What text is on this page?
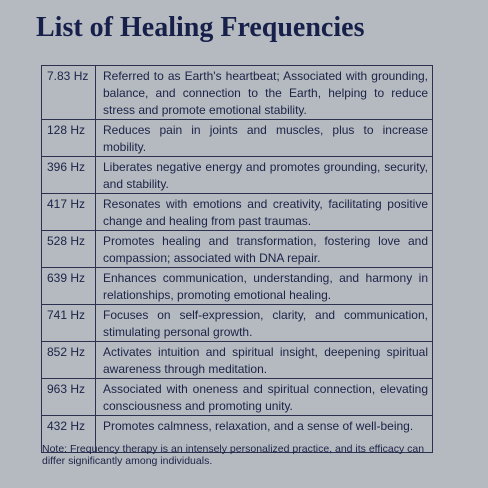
List of Healing Frequencies
7.83 Hz	Referred to as Earth's heartbeat; Associated with grounding, balance, and connection to the Earth, helping to reduce stress and promote emotional stability.
128 Hz	Reduces pain in joints and muscles, plus to increase mobility.
396 Hz	Liberates negative energy and promotes grounding, security, and stability.
417 Hz	Resonates with emotions and creativity, facilitating positive change and healing from past traumas.
528 Hz	Promotes healing and transformation, fostering love and compassion; associated with DNA repair.
639 Hz	Enhances communication, understanding, and harmony in relationships, promoting emotional healing.
741 Hz	Focuses on self-expression, clarity, and communication, stimulating personal growth.
852 Hz	Activates intuition and spiritual insight, deepening spiritual awareness through meditation.
963 Hz	Associated with oneness and spiritual connection, elevating consciousness and promoting unity.
432 Hz	Promotes calmness, relaxation, and a sense of well-being.

Note: Frequency therapy is an intensely personalized practice, and its efficacy can differ significantly among individuals.
